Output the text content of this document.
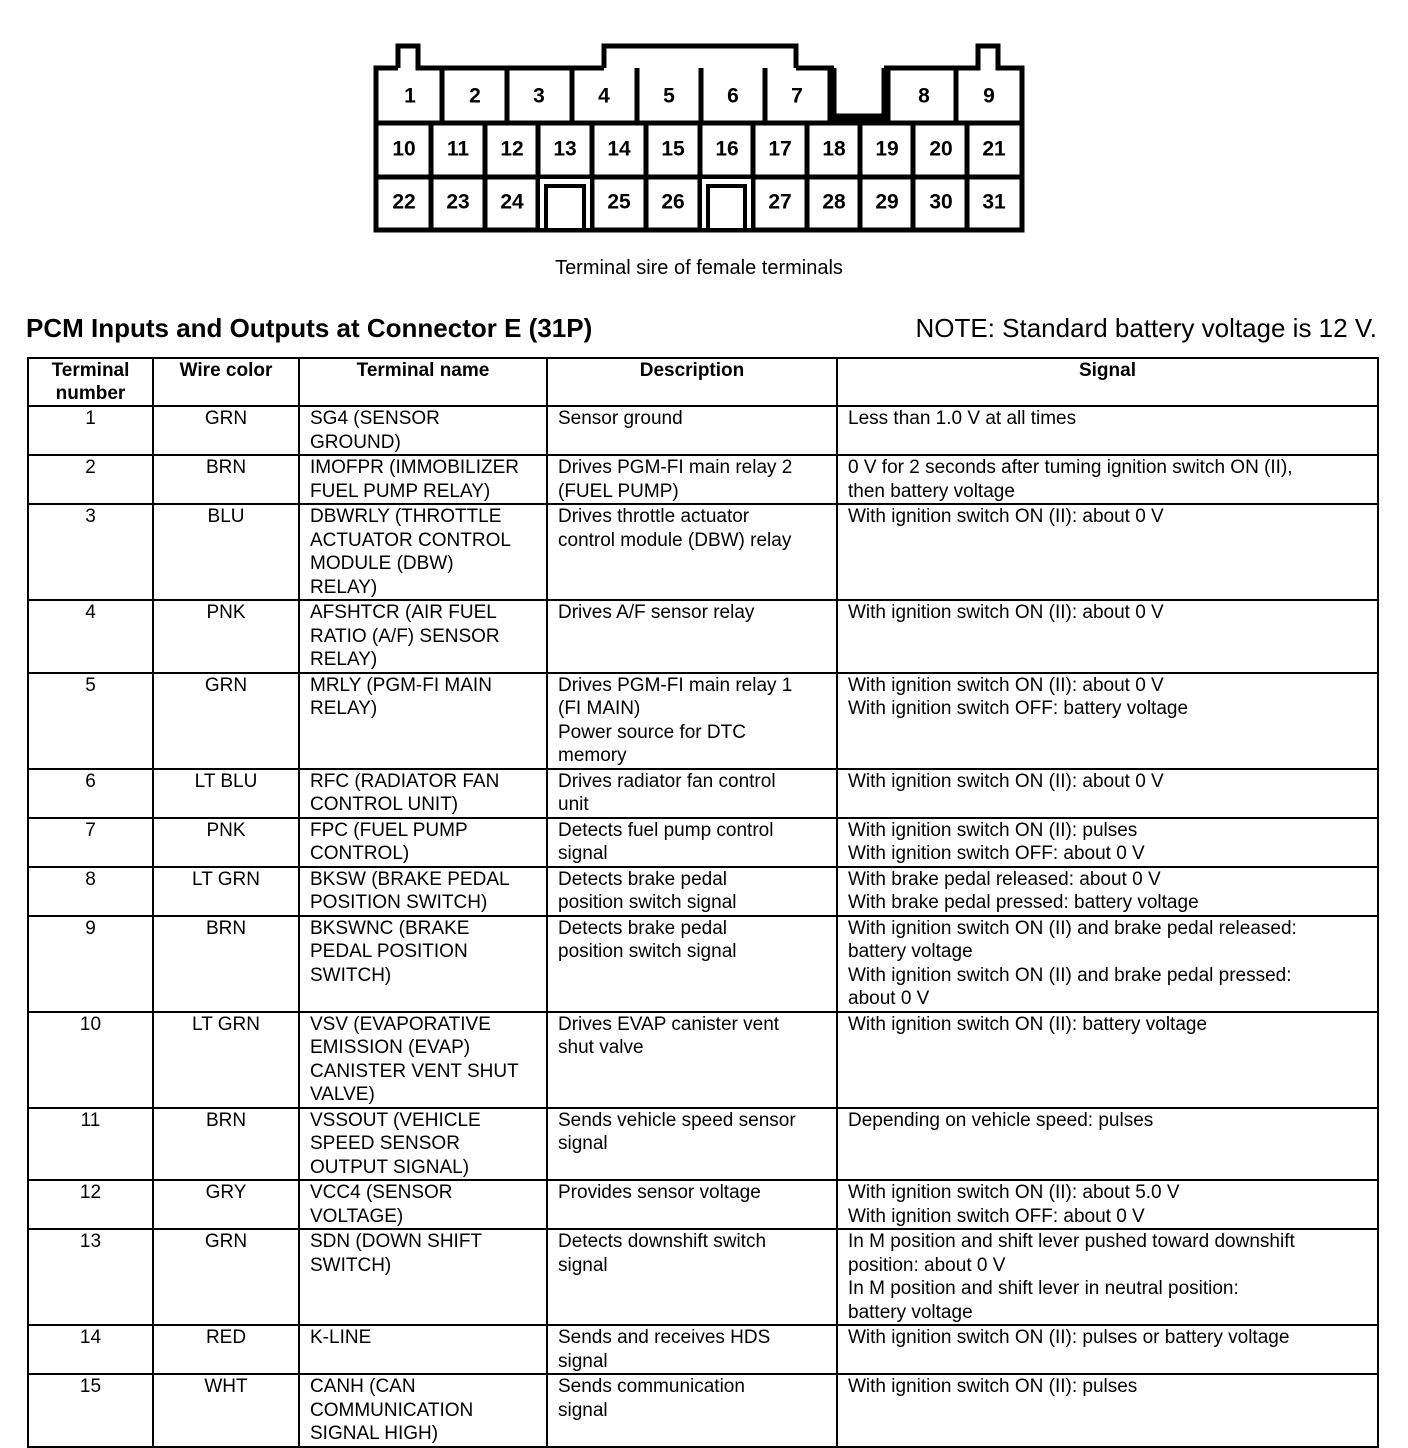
1	2 3	4	5 6 7	8	9
10 11 12 13 14 15 16 17 18 19 20 21
22 23 24	25 26	27 28 29 30 31
Terminal sire of female terminals
PCM Inputs and Outputs at Connector E (31P)	NOTE: Standard battery voltage is 12 V.
Terminal number	Wire color	Terminal name	Description	Signal

1	GRN	SG4 (SENSOR
GROUND)	Sensor ground	Less than 1.0 V at all times

2	BRN	IMOFPR (IMMOBILIZER
FUEL PUMP RELAY)	Drives PGM-FI main relay 2
(FUEL PUMP)	0 V for 2 seconds after tuming ignition switch ON (II),
then battery voltage

3	BLU	DBWRLY (THROTTLE
ACTUATOR CONTROL
MODULE (DBW)
RELAY)	Drives throttle actuator
control module (DBW) relay	With ignition switch ON (II): about 0 V

4	PNK	AFSHTCR (AIR FUEL
RATIO (A/F) SENSOR
RELAY)	Drives A/F sensor relay	With ignition switch ON (II): about 0 V

5	GRN	MRLY (PGM-FI MAIN
RELAY)	Drives PGM-FI main relay 1
(FI MAIN)
Power source for DTC
memory	With ignition switch ON (II): about 0 V
With ignition switch OFF: battery voltage

6	LT BLU	RFC (RADIATOR FAN
CONTROL UNIT)	Drives radiator fan control
unit	With ignition switch ON (II): about 0 V

7	PNK	FPC (FUEL PUMP
CONTROL)	Detects fuel pump control
signal	With ignition switch ON (II): pulses
With ignition switch OFF: about 0 V

8	LT GRN	BKSW (BRAKE PEDAL
POSITION SWITCH)	Detects brake pedal
position switch signal	With brake pedal released: about 0 V
With brake pedal pressed: battery voltage

9	BRN	BKSWNC (BRAKE
PEDAL POSITION
SWITCH)	Detects brake pedal
position switch signal	With ignition switch ON (II) and brake pedal released:
battery voltage
With ignition switch ON (II) and brake pedal pressed:
about 0 V

10	LT GRN	VSV (EVAPORATIVE
EMISSION (EVAP)
CANISTER VENT SHUT
VALVE)	Drives EVAP canister vent
shut valve	With ignition switch ON (II): battery voltage

11	BRN	VSSOUT (VEHICLE
SPEED SENSOR
OUTPUT SIGNAL)	Sends vehicle speed sensor
signal	Depending on vehicle speed: pulses

12	GRY	VCC4 (SENSOR
VOLTAGE)	Provides sensor voltage	With ignition switch ON (II): about 5.0 V
With ignition switch OFF: about 0 V

13	GRN	SDN (DOWN SHIFT
SWITCH)	Detects downshift switch
signal	In M position and shift lever pushed toward downshift
position: about 0 V
In M position and shift lever in neutral position:
battery voltage

14	RED	K-LINE	Sends and receives HDS
signal	With ignition switch ON (II): pulses or battery voltage

15	WHT	CANH (CAN
COMMUNICATION
SIGNAL HIGH)	Sends communication
signal	With ignition switch ON (II): pulses
